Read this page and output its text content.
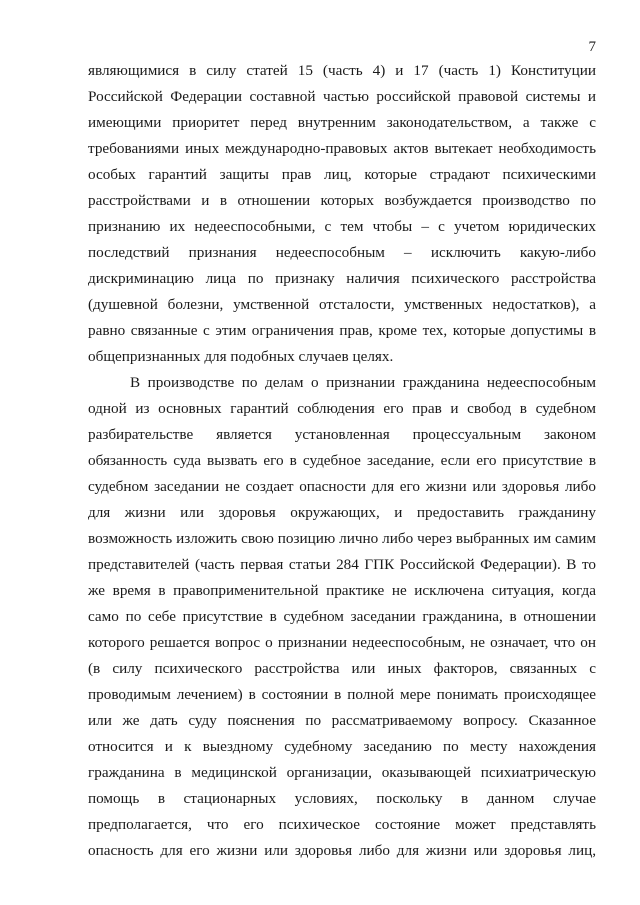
7
являющимися в силу статей 15 (часть 4) и 17 (часть 1) Конституции
Российской Федерации составной частью российской правовой системы и
имеющими приоритет перед внутренним законодательством, а также с
требованиями иных международно-правовых актов вытекает необходимость
особых гарантий защиты прав лиц, которые страдают психическими
расстройствами и в отношении которых возбуждается производство по
признанию их недееспособными, с тем чтобы – с учетом юридических
последствий признания недееспособным – исключить какую-либо
дискриминацию лица по признаку наличия психического расстройства
(душевной болезни, умственной отсталости, умственных недостатков), а
равно связанные с этим ограничения прав, кроме тех, которые допустимы в
общепризнанных для подобных случаев целях.
В производстве по делам о признании гражданина недееспособным
одной из основных гарантий соблюдения его прав и свобод в судебном
разбирательстве является установленная процессуальным законом
обязанность суда вызвать его в судебное заседание, если его присутствие в
судебном заседании не создает опасности для его жизни или здоровья либо
для жизни или здоровья окружающих, и предоставить гражданину
возможность изложить свою позицию лично либо через выбранных им самим
представителей (часть первая статьи 284 ГПК Российской Федерации). В то
же время в правоприменительной практике не исключена ситуация, когда
само по себе присутствие в судебном заседании гражданина, в отношении
которого решается вопрос о признании недееспособным, не означает, что он
(в силу психического расстройства или иных факторов, связанных с
проводимым лечением) в состоянии в полной мере понимать происходящее
или же дать суду пояснения по рассматриваемому вопросу. Сказанное
относится и к выездному судебному заседанию по месту нахождения
гражданина в медицинской организации, оказывающей психиатрическую
помощь в стационарных условиях, поскольку в данном случае
предполагается, что его психическое состояние может представлять
опасность для его жизни или здоровья либо для жизни или здоровья лиц,
